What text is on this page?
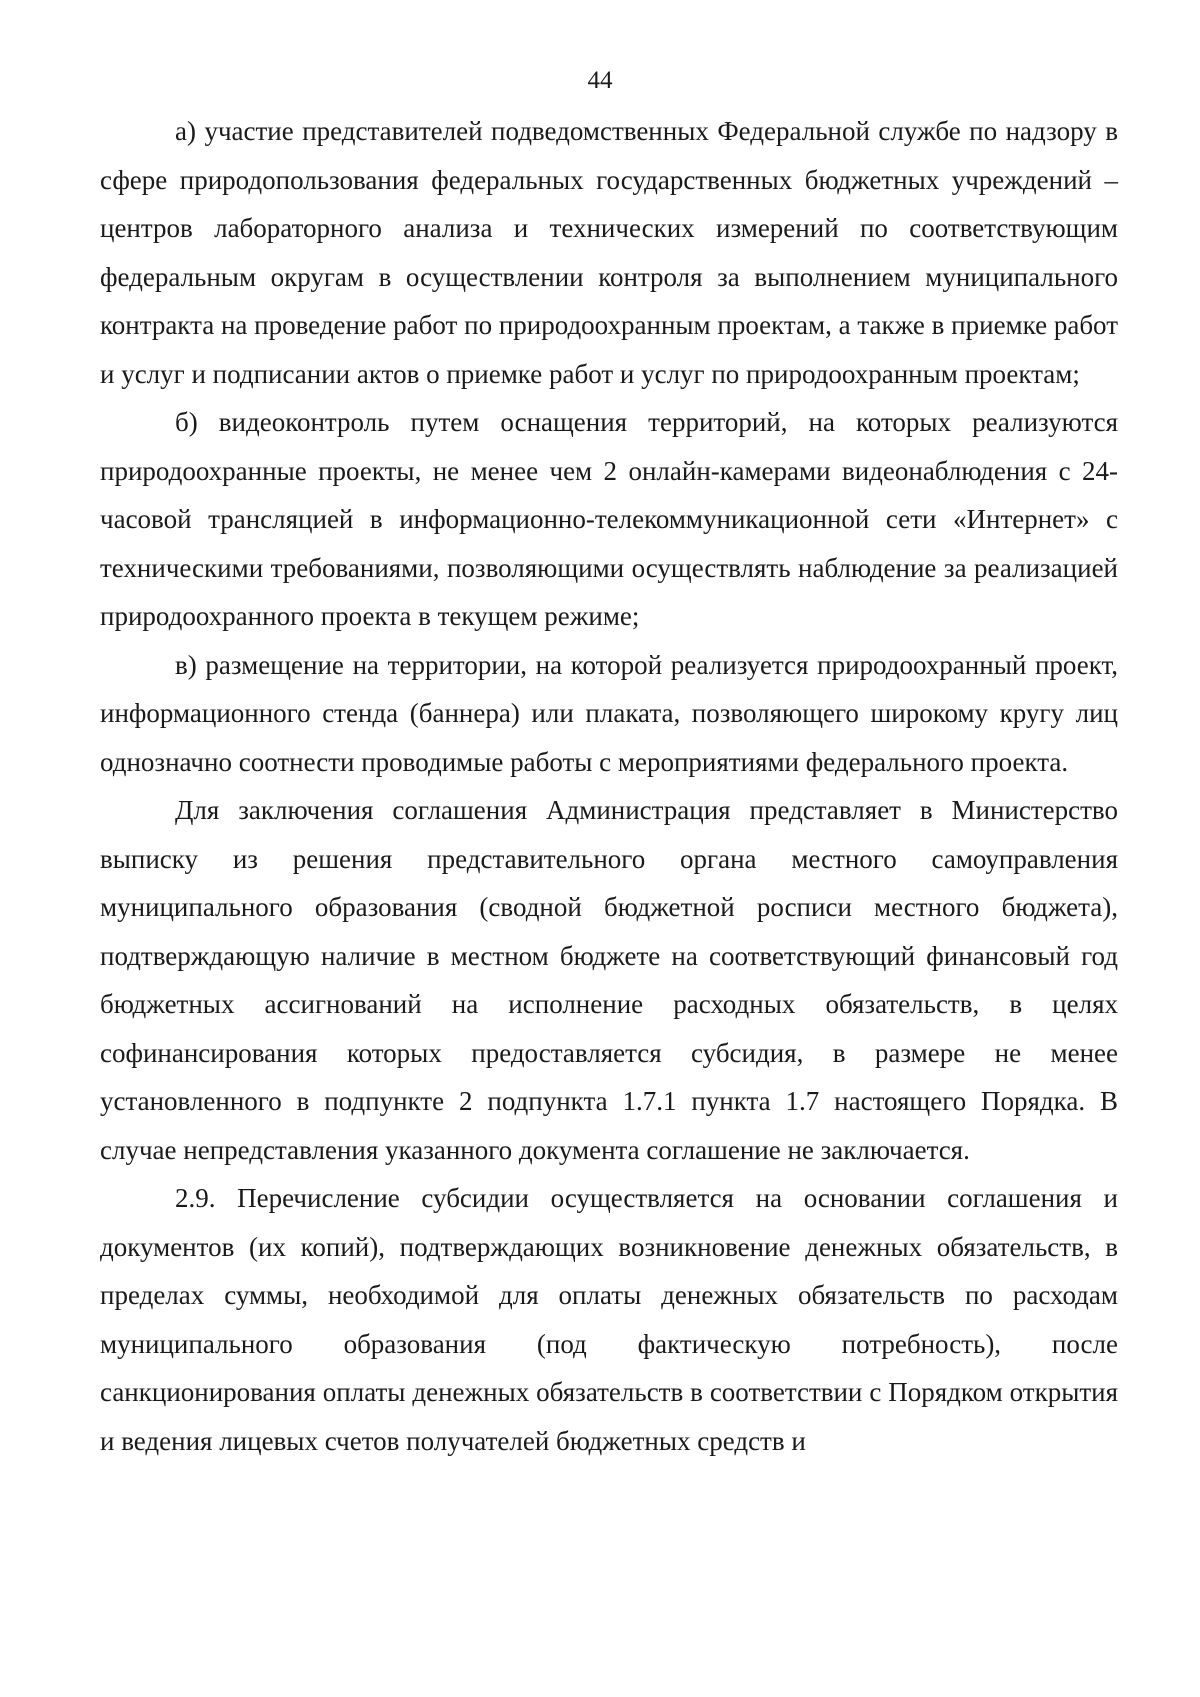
44

а) участие представителей подведомственных Федеральной службе по надзору в сфере природопользования федеральных государственных бюджетных учреждений – центров лабораторного анализа и технических измерений по соответствующим федеральным округам в осуществлении контроля за выполнением муниципального контракта на проведение работ по природоохранным проектам, а также в приемке работ и услуг и подписании актов о приемке работ и услуг по природоохранным проектам;

б) видеоконтроль путем оснащения территорий, на которых реализуются природоохранные проекты, не менее чем 2 онлайн-камерами видеонаблюдения с 24-часовой трансляцией в информационно-телекоммуникационной сети «Интернет» с техническими требованиями, позволяющими осуществлять наблюдение за реализацией природоохранного проекта в текущем режиме;

в) размещение на территории, на которой реализуется природоохранный проект, информационного стенда (баннера) или плаката, позволяющего широкому кругу лиц однозначно соотнести проводимые работы с мероприятиями федерального проекта.

Для заключения соглашения Администрация представляет в Министерство выписку из решения представительного органа местного самоуправления муниципального образования (сводной бюджетной росписи местного бюджета), подтверждающую наличие в местном бюджете на соответствующий финансовый год бюджетных ассигнований на исполнение расходных обязательств, в целях софинансирования которых предоставляется субсидия, в размере не менее установленного в подпункте 2 подпункта 1.7.1 пункта 1.7 настоящего Порядка. В случае непредставления указанного документа соглашение не заключается.

2.9. Перечисление субсидии осуществляется на основании соглашения и документов (их копий), подтверждающих возникновение денежных обязательств, в пределах суммы, необходимой для оплаты денежных обязательств по расходам муниципального образования (под фактическую потребность), после санкционирования оплаты денежных обязательств в соответствии с Порядком открытия и ведения лицевых счетов получателей бюджетных средств и
